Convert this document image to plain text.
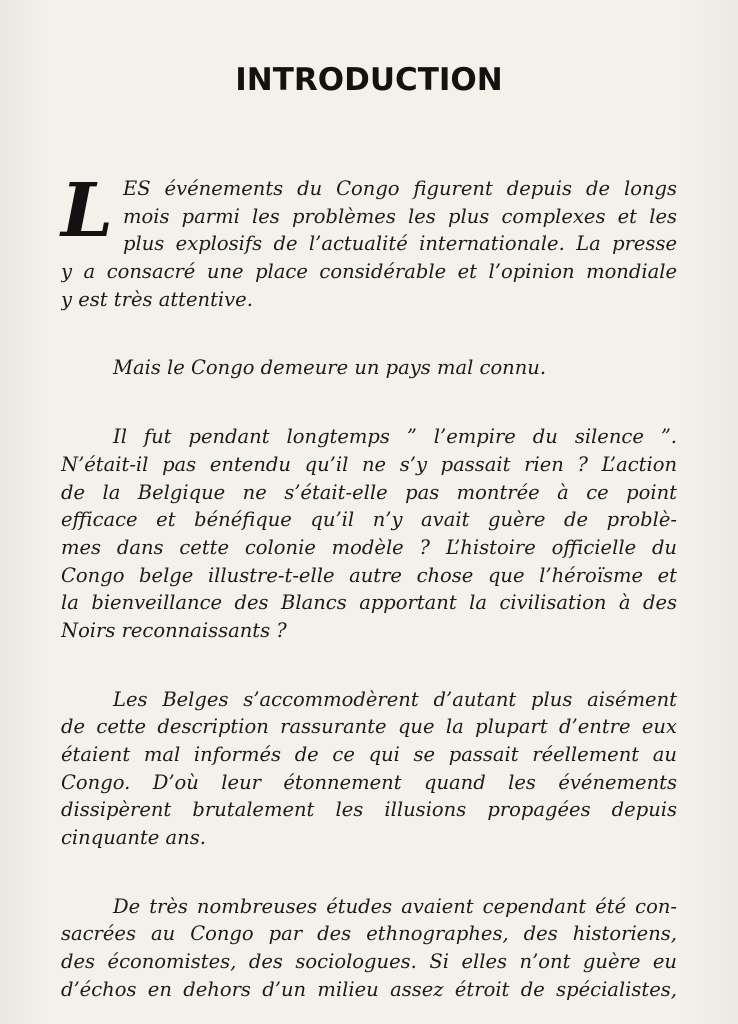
INTRODUCTION
L ES événements du Congo figurent depuis de longs
mois parmi les problèmes les plus complexes et les
plus explosifs de l’actualité internationale. La presse
y a consacré une place considérable et l’opinion mondiale
y est très attentive.
Mais le Congo demeure un pays mal connu.
Il fut pendant longtemps ” l’empire du silence ”.
N’était-il pas entendu qu’il ne s’y passait rien ? L’action
de la Belgique ne s’était-elle pas montrée à ce point
efficace et bénéfique qu’il n’y avait guère de problè-
mes dans cette colonie modèle ? L’histoire officielle du
Congo belge illustre-t-elle autre chose que l’héroïsme et
la bienveillance des Blancs apportant la civilisation à des
Noirs reconnaissants ?
Les Belges s’accommodèrent d’autant plus aisément
de cette description rassurante que la plupart d’entre eux
étaient mal informés de ce qui se passait réellement au
Congo. D’où leur étonnement quand les événements
dissipèrent brutalement les illusions propagées depuis
cinquante ans.
De très nombreuses études avaient cependant été con-
sacrées au Congo par des ethnographes, des historiens,
des économistes, des sociologues. Si elles n’ont guère eu
d’échos en dehors d’un milieu assez étroit de spécialistes,
